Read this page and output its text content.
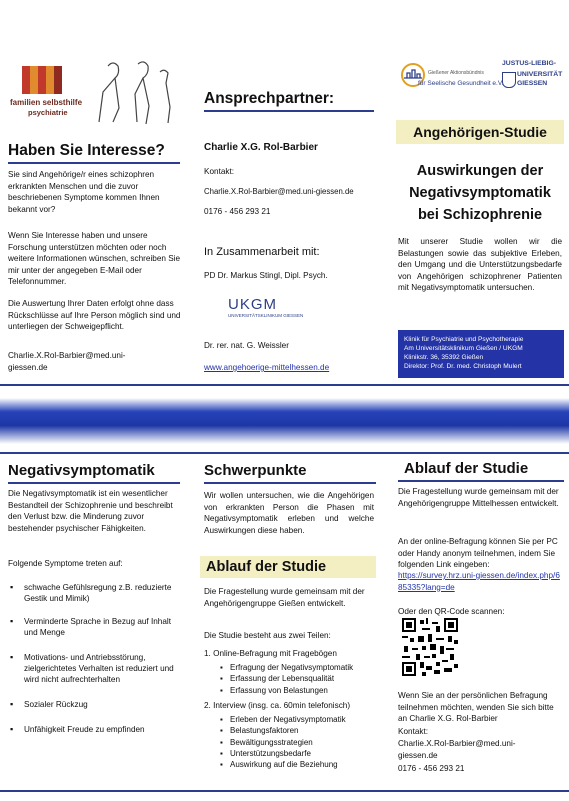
familien selbsthilfe
psychiatrie
Haben Sie Interesse?
Sie sind Angehörige/r eines schizophren erkrankten Menschen und die zuvor beschriebenen Symptome kommen Ihnen bekannt vor?
Wenn Sie Interesse haben und unsere Forschung unterstützen möchten oder noch weitere Informationen wünschen, schreiben Sie mir unter der angegeben E-Mail oder Telefonnummer.
Die Auswertung Ihrer Daten erfolgt ohne dass Rückschlüsse auf Ihre Person möglich sind und unterliegen der Schweigepflicht.
Charlie.X.Rol-Barbier@med.uni-giessen.de
Ansprechpartner:
Charlie X.G. Rol-Barbier
Kontakt:
Charlie.X.Rol-Barbier@med.uni-giessen.de
0176 - 456 293 21
In Zusammenarbeit mit:
PD Dr. Markus Stingl, Dipl. Psych.
UKGM
UNIVERSITÄTSKLINIKUM GIESSEN
Dr. rer. nat. G. Weissler
www.angehoerige-mittelhessen.de
Gießener Aktionsbündnis
für Seelische Gesundheit e.V.
JUSTUS-LIEBIG-
UNIVERSITÄT
GIESSEN
Angehörigen-Studie
Auswirkungen der Negativsymptomatik bei Schizophrenie
Mit unserer Studie wollen wir die Belastungen sowie das subjektive Erleben, den Umgang und die Unterstützungsbedarfe von Angehörigen schizophrener Patienten mit Negativsymptomatik untersuchen.
Klinik für Psychiatrie und Psychotherapie
Am Universitätsklinikum Gießen / UKGM
Klinikstr. 36, 35392 Gießen
Direktor: Prof. Dr. med. Christoph Mulert
Negativsymptomatik
Die Negativsymptomatik ist ein wesentlicher Bestandteil der Schizophrenie und beschreibt den Verlust bzw. die Minderung zuvor bestehender psychischer Fähigkeiten.
Folgende Symptome treten auf:
▪ schwache Gefühlsregung z.B. reduzierte Gestik und Mimik)
▪ Verminderte Sprache in Bezug auf Inhalt und Menge
▪ Motivations- und Antriebsstörung, zielgerichtetes Verhalten ist reduziert und wird nicht aufrechterhalten
▪ Sozialer Rückzug
▪ Unfähigkeit Freude zu empfinden
Schwerpunkte
Wir wollen untersuchen, wie die Angehörigen von erkrankten Person die Phasen mit Negativsymptomatik erleben und welche Auswirkungen diese haben.
Ablauf der Studie
Die Fragestellung wurde gemeinsam mit der Angehörigengruppe Gießen entwickelt.
Die Studie besteht aus zwei Teilen:
1. Online-Befragung mit Fragebögen
▪ Erfragung der Negativsymptomatik
▪ Erfassung der Lebensqualität
▪ Erfassung von Belastungen
2. Interview (insg. ca. 60min telefonisch)
▪ Erleben der Negativsymptomatik
▪ Belastungsfaktoren
▪ Bewältigungsstrategien
▪ Unterstützungsbedarfe
▪ Auswirkung auf die Beziehung
Ablauf der Studie
Die Fragestellung wurde gemeinsam mit der Angehörigengruppe Mittelhessen entwickelt.
An der online-Befragung können Sie per PC oder Handy anonym teilnehmen, indem Sie folgenden Link eingeben:
https://survey.hrz.uni-giessen.de/index.php/685335?lang=de
Oder den QR-Code scannen:
Wenn Sie an der persönlichen Befragung teilnehmen möchten, wenden Sie sich bitte an Charlie X.G. Rol-Barbier
Kontakt:
Charlie.X.Rol-Barbier@med.uni-giessen.de
0176 - 456 293 21
